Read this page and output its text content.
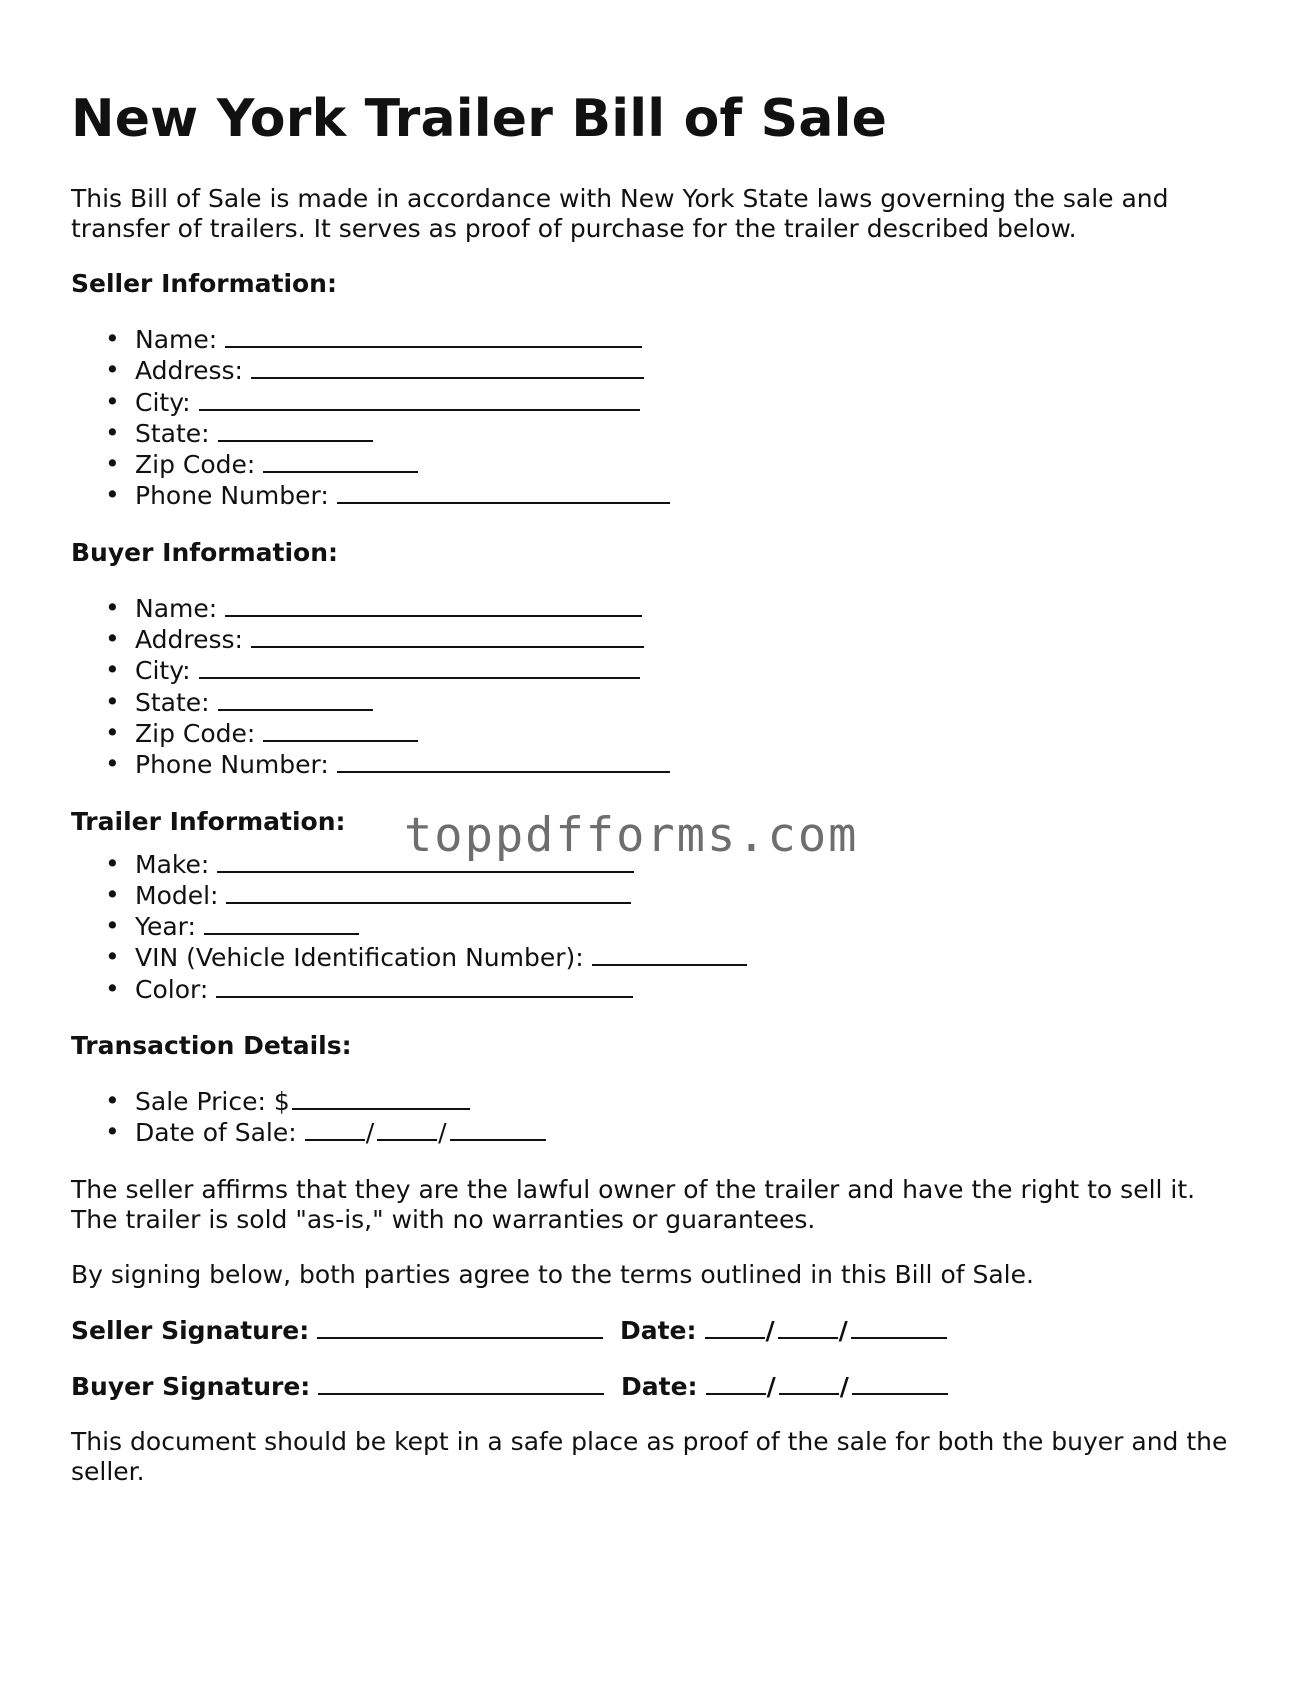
New York Trailer Bill of Sale

This Bill of Sale is made in accordance with New York State laws governing the sale and transfer of trailers. It serves as proof of purchase for the trailer described below.

Seller Information:
• Name:
• Address:
• City:
• State:
• Zip Code:
• Phone Number:
Buyer Information:
• Name:
• Address:
• City:
• State:
• Zip Code:
• Phone Number:
Trailer Information:
• Make:
• Model:
• Year:
• VIN (Vehicle Identification Number):
• Color:
Transaction Details:
• Sale Price: $
• Date of Sale:	/	/

The seller affirms that they are the lawful owner of the trailer and have the right to sell it. The trailer is sold "as-is," with no warranties or guarantees.

By signing below, both parties agree to the terms outlined in this Bill of Sale.

Seller Signature:	Date:	/	/
Buyer Signature:	Date:	/	/

This document should be kept in a safe place as proof of the sale for both the buyer and the seller.

toppdfforms.com
